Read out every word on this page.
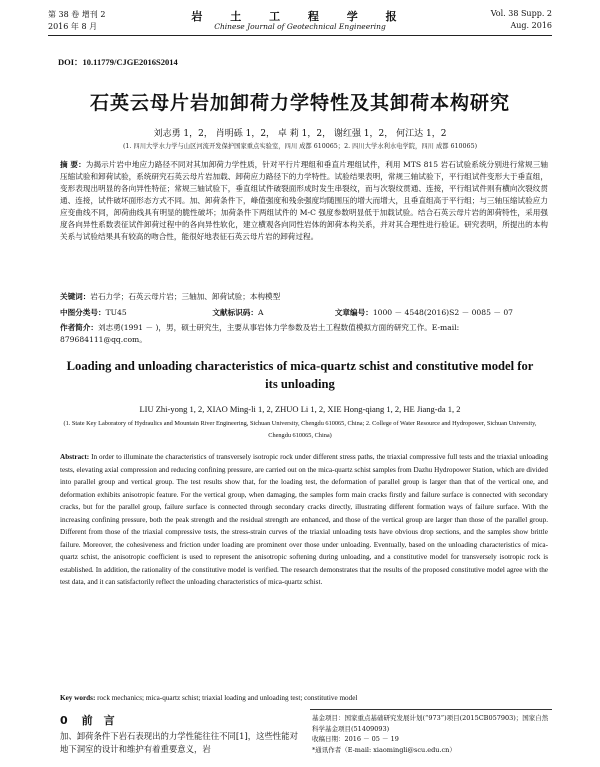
第 38 卷 增刊 2
2016 年 8 月
岩 土 工 程 学 报
Chinese Journal of Geotechnical Engineering
Vol. 38 Supp. 2
Aug. 2016
DOI：10.11779/CJGE2016S2014
石英云母片岩加卸荷力学特性及其卸荷本构研究
刘志勇 1，2， 肖明砾 1，2， 卓 莉 1，2， 谢红强 1，2， 何江达 1，2
(1. 四川大学水力学与山区河流开发保护国家重点实验室，四川 成都 610065；2. 四川大学水利水电学院，四川 成都 610065)
摘 要：为揭示片岩中地应力路径不同对其加卸荷力学性质，针对平行片理组和垂直片理组试件，利用 MTS 815 岩石试验系统分别进行常规三轴压缩试验和卸荷试验，系统研究石英云母片岩加载、卸荷应力路径下的力学特性。试验结果表明，常规三轴试验下，平行组试件变形大于垂直组，变形表现出明显的各向异性特征；常规三轴试验下，垂直组试件破裂面形成时发生串裂纹，而与次裂纹贯通、连接，平行组试件则有横向次裂纹贯通、连接，试件破坏面形态方式不同。加、卸荷条件下，峰值强度和残余强度均随围压的增大而增大，且垂直组高于平行组；与三轴压缩试验应力应变曲线不同，卸荷曲线具有明显的脆性破坏；加荷条件下两组试件的 M-C 强度参数明显低于加载试验。结合石英云母片岩的卸荷特性，采用强度各向异性系数表征试件卸荷过程中的各向异性软化，建立横观各向同性岩体的卸荷本构关系，并对其合理性进行验证。研究表明，所提出的本构关系与试验结果具有较高的吻合性，能很好地表征石英云母片岩的卸荷过程。
关键词：岩石力学；石英云母片岩；三轴加、卸荷试验；本构模型
中图分类号：TU45	文献标识码：A	文章编号：1000 － 4548(2016)S2 － 0085 － 07
作者简介：刘志勇(1991 － )，男，硕士研究生，主要从事岩体力学参数及岩土工程数值模拟方面的研究工作。E-mail: 879684111@qq.com。
Loading and unloading characteristics of mica-quartz schist and constitutive model for its unloading
LIU Zhi-yong 1, 2, XIAO Ming-li 1, 2, ZHUO Li 1, 2, XIE Hong-qiang 1, 2, HE Jiang-da 1, 2
(1. State Key Laboratory of Hydraulics and Mountain River Engineering, Sichuan University, Chengdu 610065, China; 2. College of Water Resource and Hydropower, Sichuan University, Chengdu 610065, China)
Abstract: In order to illuminate the characteristics of transversely isotropic rock under different stress paths, the triaxial compressive full tests and the triaxial unloading tests, elevating axial compression and reducing confining pressure, are carried out on the mica-quartz schist samples from Dazhu Hydropower Station, which are divided into parallel group and vertical group. The test results show that, for the loading test, the deformation of parallel group is larger than that of the vertical one, and deformation exhibits anisotropic feature. For the vertical group, when damaging, the samples form main cracks firstly and failure surface is connected with secondary cracks, but for the parallel group, failure surface is connected through secondary cracks directly, illustrating different formation ways of failure surface. With the increasing confining pressure, both the peak strength and the residual strength are enhanced, and those of the vertical group are larger than those of the parallel group. Different from those of the triaxial compressive tests, the stress-strain curves of the triaxial unloading tests have obvious drop sections, and the samples show brittle failure. Moreover, the cohesiveness and friction under loading are prominent over those under unloading. Eventually, based on the unloading characteristics of mica-quartz schist, the anisotropic coefficient is used to represent the anisotropic softening during unloading, and a constitutive model for transversely isotropic rock is established. In addition, the rationality of the constitutive model is verified. The research demonstrates that the results of the proposed constitutive model agree with the test data, and it can satisfactorily reflect the unloading characteristics of mica-quartz schist.
Key words: rock mechanics; mica-quartz schist; triaxial loading and unloading test; constitutive model
0 前　言
加、卸荷条件下岩石表现出的力学性能往往不同[1]，这些性能对地下洞室的设计和维护有着重要意义，岩
基金项目：国家重点基础研究发展计划(“973”)项目(2015CB057903)；国家自然科学基金项目(51409093)
收稿日期：2016 － 05 － 19
*通讯作者（E-mail: xiaomingli@scu.edu.cn）
